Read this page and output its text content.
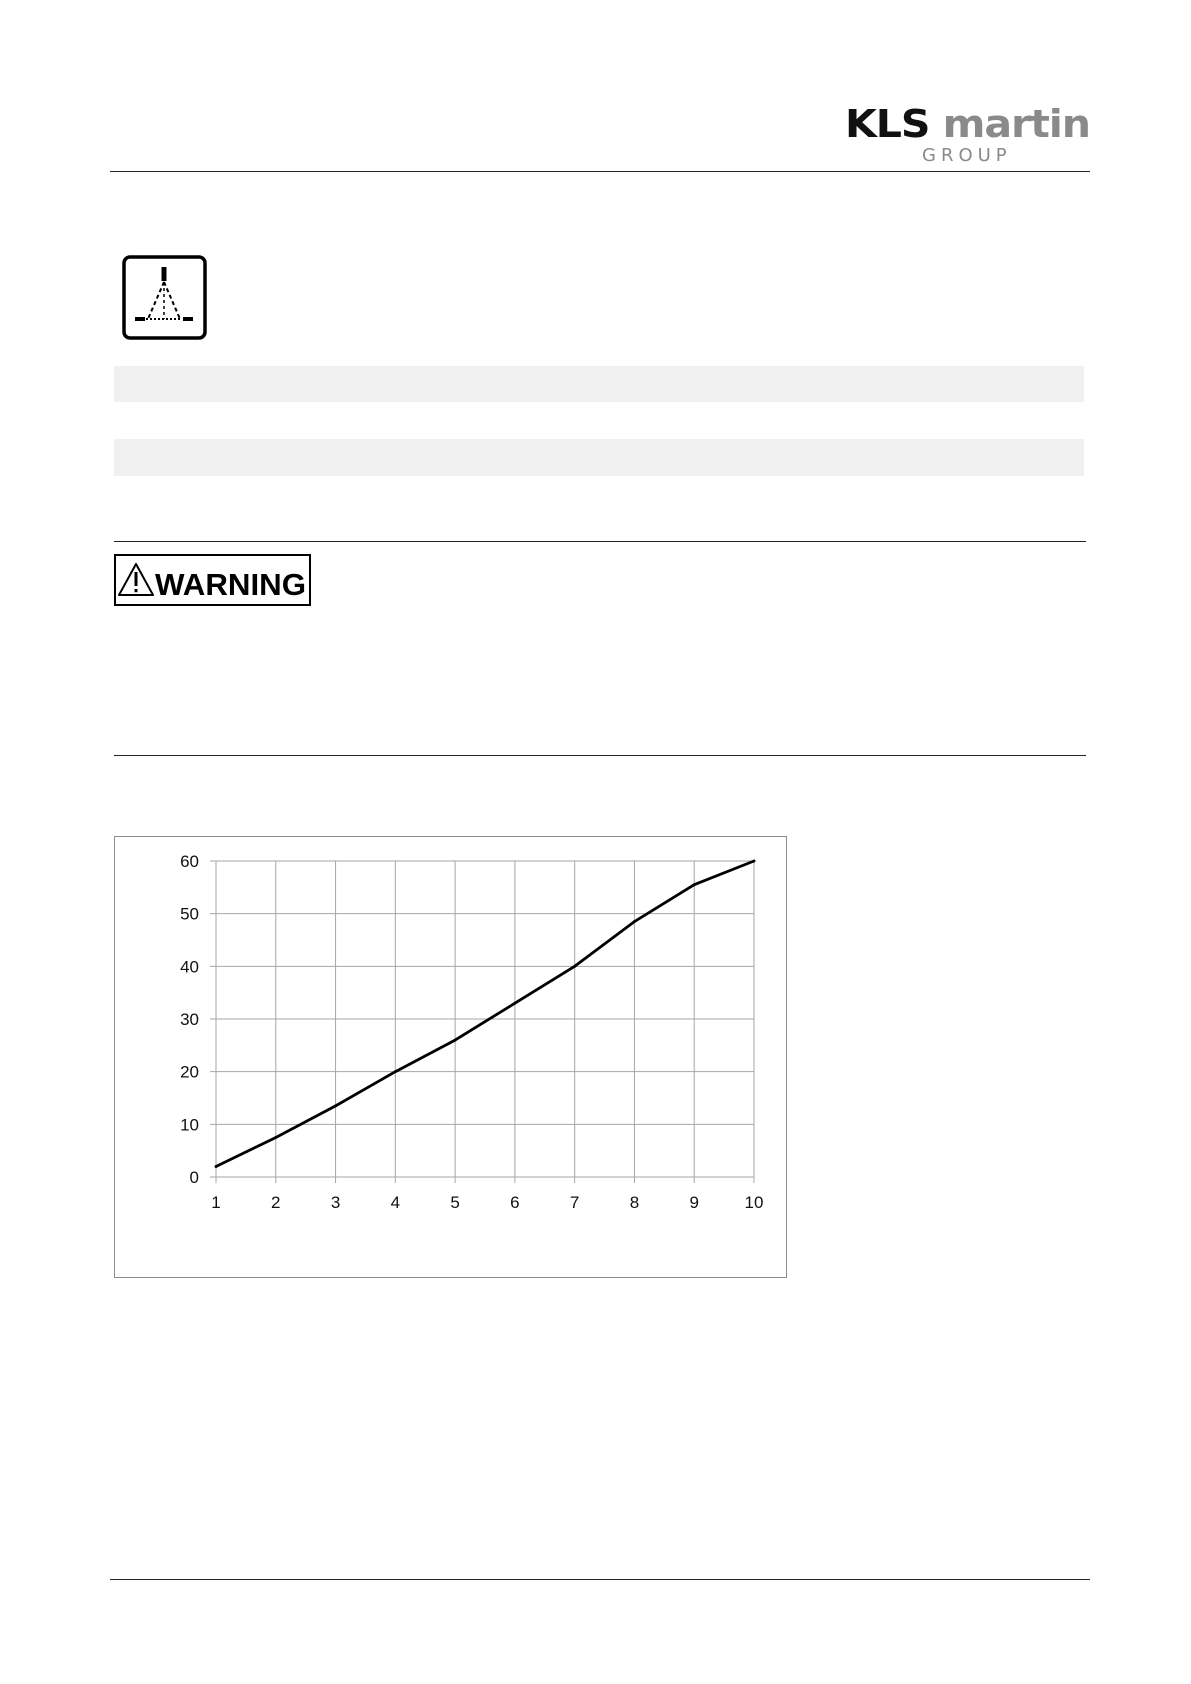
KLS martin
GROUP
WARNING
1	2	3	4	5	6	7	8	9	10
0
10
20
30
40
50
60
